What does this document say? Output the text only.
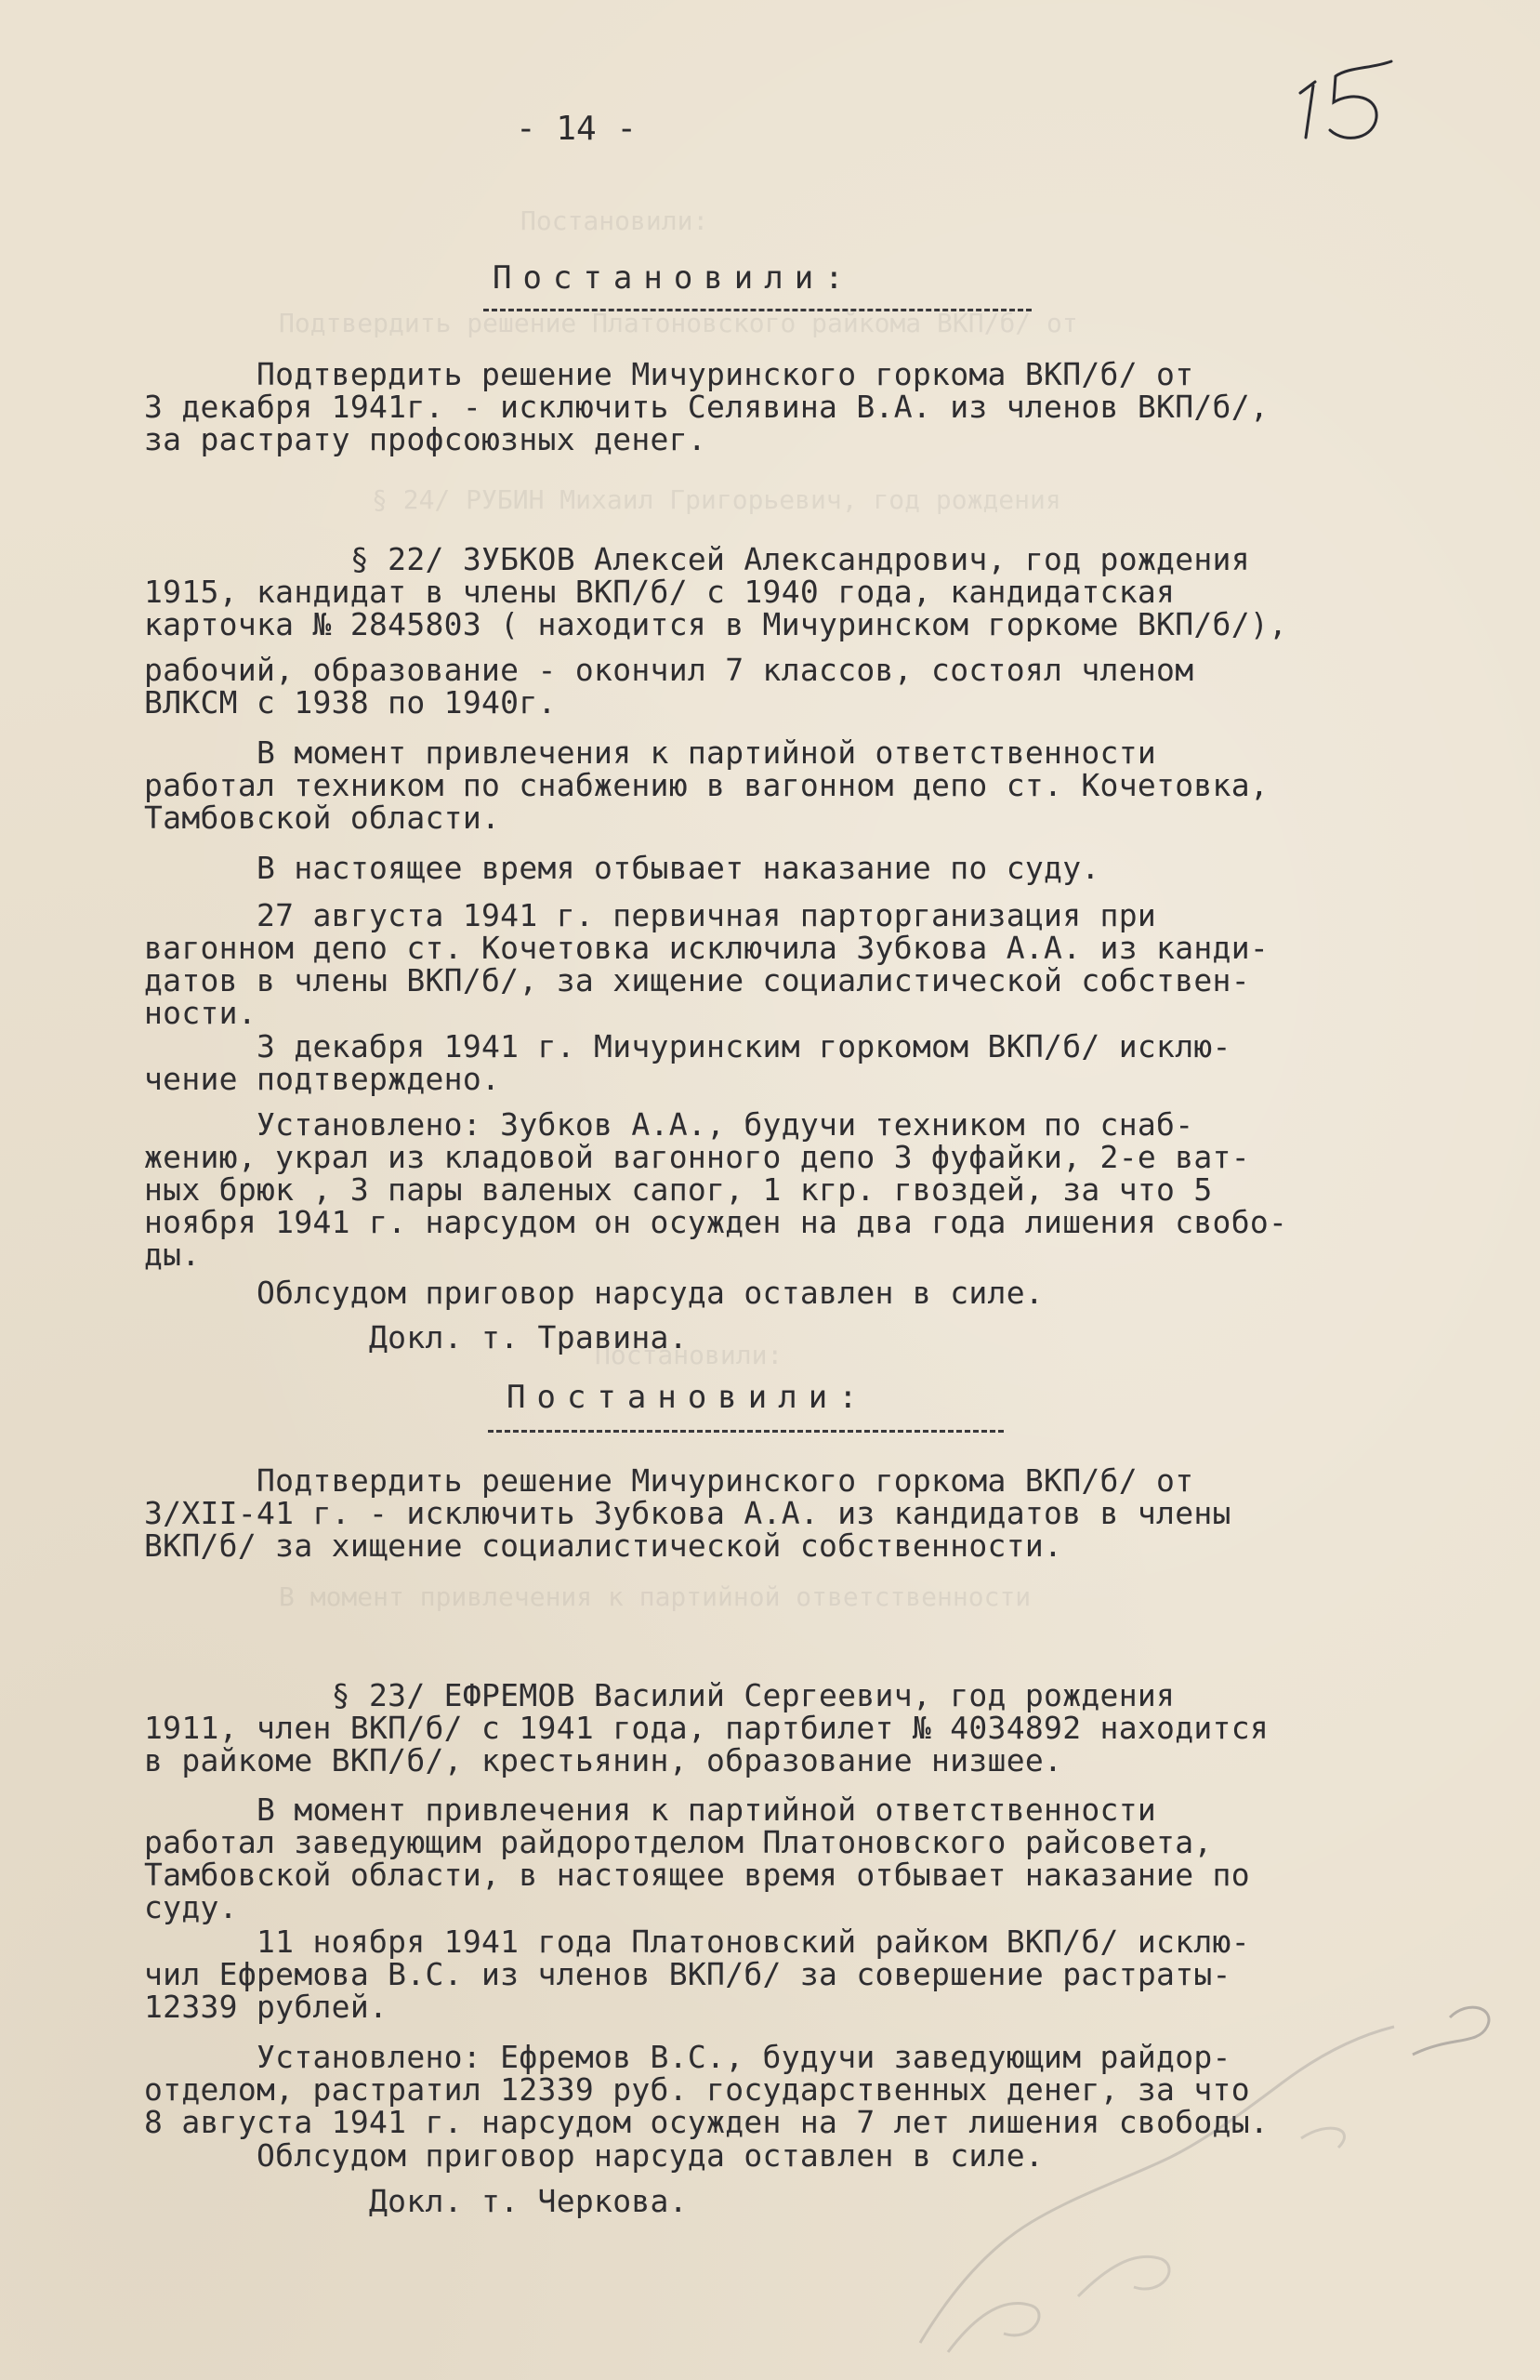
Постановили:
Подтвердить решение Платоновского райкома ВКП/б/ от
§ 24/ РУБИН Михаил Григорьевич, год рождения
Постановили:
В момент привлечения к партийной ответственности
- 14 -
Постановили:
Подтвердить решение Мичуринского горкома ВКП/б/ от
3 декабря 1941г. - исключить Селявина В.А. из членов ВКП/б/,
за растрату профсоюзных денег.
§ 22/ ЗУБКОВ Алексей Александрович, год рождения
1915, кандидат в члены ВКП/б/ с 1940 года, кандидатская
карточка № 2845803 ( находится в Мичуринском горкоме ВКП/б/),
рабочий, образование - окончил 7 классов, состоял членом
ВЛКСМ с 1938 по 1940г.
В момент привлечения к партийной ответственности
работал техником по снабжению в вагонном депо ст. Кочетовка,
Тамбовской области.
В настоящее время отбывает наказание по суду.
27 августа 1941 г. первичная парторганизация при
вагонном депо ст. Кочетовка исключила Зубкова А.А. из канди-
датов в члены ВКП/б/, за хищение социалистической собствен-
ности.
3 декабря 1941 г. Мичуринским горкомом ВКП/б/ исклю-
чение подтверждено.
Установлено: Зубков А.А., будучи техником по снаб-
жению, украл из кладовой вагонного депо 3 фуфайки, 2-е ват-
ных брюк , 3 пары валеных сапог, 1 кгр. гвоздей, за что 5
ноября 1941 г. нарсудом он осужден на два года лишения свобо-
ды.
Облсудом приговор нарсуда оставлен в силе.
Докл. т. Травина.
Постановили:
Подтвердить решение Мичуринского горкома ВКП/б/ от
3/XII-41 г. - исключить Зубкова А.А. из кандидатов в члены
ВКП/б/ за хищение социалистической собственности.
§ 23/ ЕФРЕМОВ Василий Сергеевич, год рождения
1911, член ВКП/б/ с 1941 года, партбилет № 4034892 находится
в райкоме ВКП/б/, крестьянин, образование низшее.
В момент привлечения к партийной ответственности
работал заведующим райдоротделом Платоновского райсовета,
Тамбовской области, в настоящее время отбывает наказание по
суду.
11 ноября 1941 года Платоновский райком ВКП/б/ исклю-
чил Ефремова В.С. из членов ВКП/б/ за совершение растраты-
12339 рублей.
Установлено: Ефремов В.С., будучи заведующим райдор-
отделом, растратил 12339 руб. государственных денег, за что
8 августа 1941 г. нарсудом осужден на 7 лет лишения свободы.
Облсудом приговор нарсуда оставлен в силе.
Докл. т. Черкова.
